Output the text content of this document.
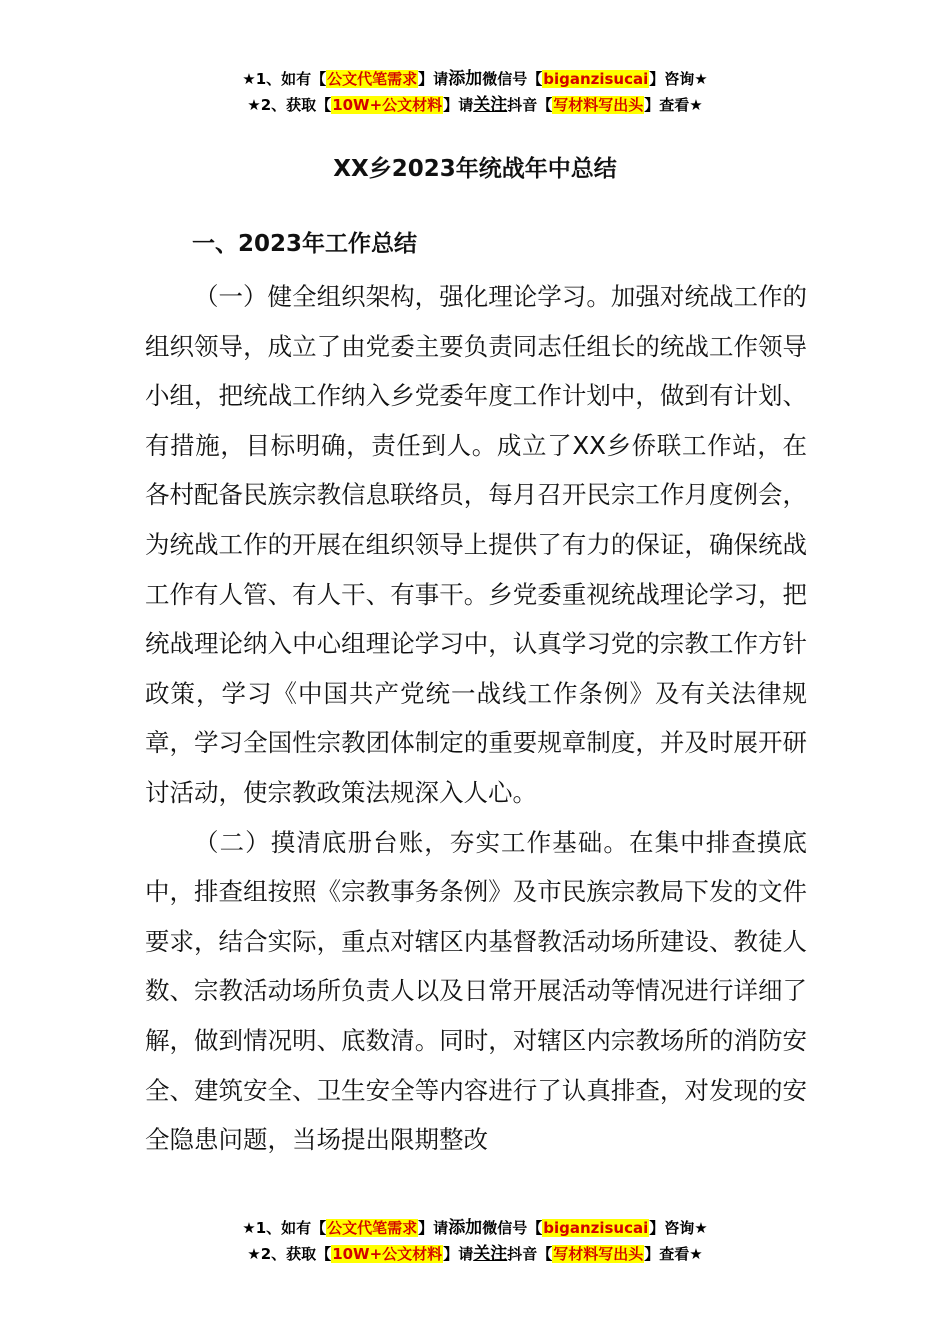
★1、如有【公文代笔需求】请添加微信号【biganzisucai】咨询★
★2、获取【10W+公文材料】请关注抖音【写材料写出头】查看★
XX乡2023年统战年中总结
一、2023年工作总结

（一）健全组织架构，强化理论学习。加强对统战工作的组织领导，成立了由党委主要负责同志任组长的统战工作领导小组，把统战工作纳入乡党委年度工作计划中，做到有计划、有措施，目标明确，责任到人。成立了XX乡侨联工作站，在各村配备民族宗教信息联络员，每月召开民宗工作月度例会，为统战工作的开展在组织领导上提供了有力的保证，确保统战工作有人管、有人干、有事干。乡党委重视统战理论学习，把统战理论纳入中心组理论学习中，认真学习党的宗教工作方针政策，学习《中国共产党统一战线工作条例》及有关法律规章，学习全国性宗教团体制定的重要规章制度，并及时展开研讨活动，使宗教政策法规深入人心。

（二）摸清底册台账，夯实工作基础。在集中排查摸底中，排查组按照《宗教事务条例》及市民族宗教局下发的文件要求，结合实际，重点对辖区内基督教活动场所建设、教徒人数、宗教活动场所负责人以及日常开展活动等情况进行详细了解，做到情况明、底数清。同时，对辖区内宗教场所的消防安全、建筑安全、卫生安全等内容进行了认真排查，对发现的安全隐患问题，当场提出限期整改

★1、如有【公文代笔需求】请添加微信号【biganzisucai】咨询★
★2、获取【10W+公文材料】请关注抖音【写材料写出头】查看★
